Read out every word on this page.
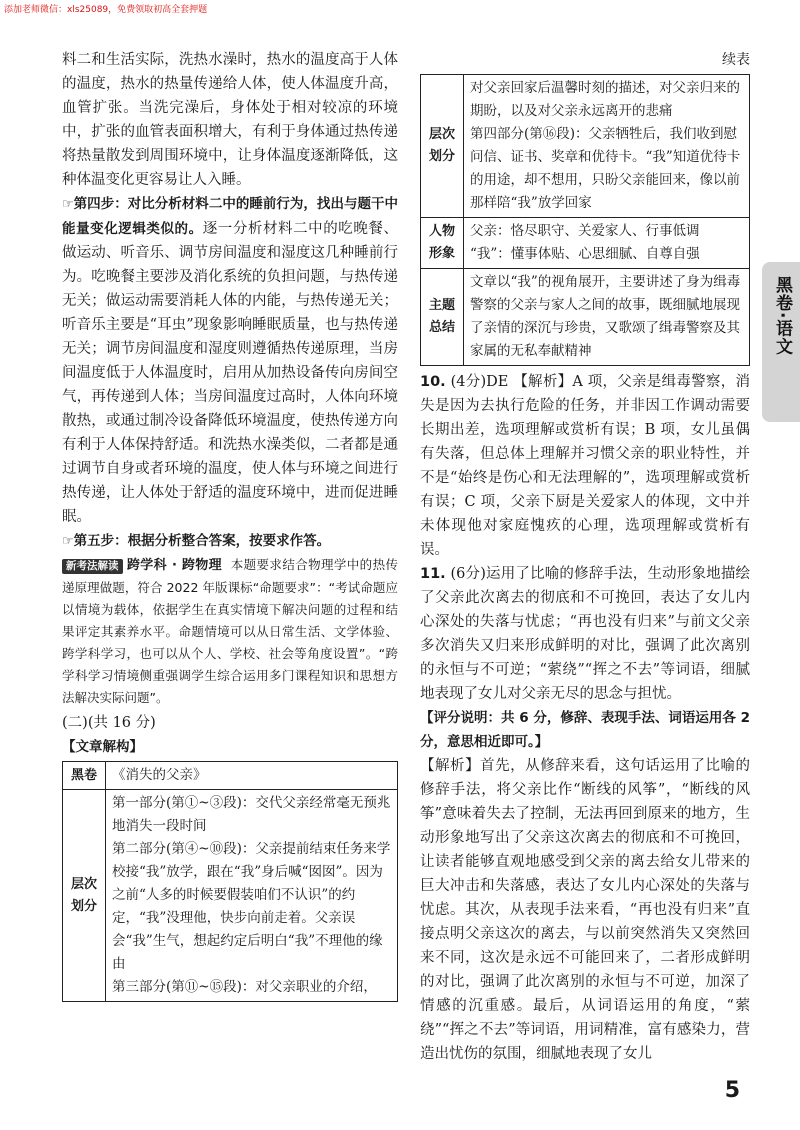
添加老师微信：xls25089，免费领取初高全套押题

料二和生活实际，洗热水澡时，热水的温度高于人体的温度，热水的热量传递给人体，使人体温度升高，血管扩张。当洗完澡后，身体处于相对较凉的环境中，扩张的血管表面积增大，有利于身体通过热传递将热量散发到周围环境中，让身体温度逐渐降低，这种体温变化更容易让人入睡。

☞第四步：对比分析材料二中的睡前行为，找出与题干中能量变化逻辑类似的。逐一分析材料二中的吃晚餐、做运动、听音乐、调节房间温度和湿度这几种睡前行为。吃晚餐主要涉及消化系统的负担问题，与热传递无关；做运动需要消耗人体的内能，与热传递无关；听音乐主要是“耳虫”现象影响睡眠质量，也与热传递无关；调节房间温度和湿度则遵循热传递原理，当房间温度低于人体温度时，启用从加热设备传向房间空气，再传递到人体；当房间温度过高时，人体向环境散热，或通过制冷设备降低环境温度，使热传递方向有利于人体保持舒适。和洗热水澡类似，二者都是通过调节自身或者环境的温度，使人体与环境之间进行热传递，让人体处于舒适的温度环境中，进而促进睡眠。

☞第五步：根据分析整合答案，按要求作答。

新考法解读 跨学科 · 跨物理 本题要求结合物理学中的热传递原理做题，符合 2022 年版课标“命题要求”：“考试命题应以情境为载体，依据学生在真实情境下解决问题的过程和结果评定其素养水平。命题情境可以从日常生活、文学体验、跨学科学习，也可以从个人、学校、社会等角度设置”。“跨学科学习情境侧重强调学生综合运用多门课程知识和思想方法解决实际问题”。

(二)(共 16 分)

【文章解构】

黑卷	《消失的父亲》
层次划分	第一部分(第①~③段)：交代父亲经常毫无预兆地消失一段时间
第二部分(第④~⑩段)：父亲提前结束任务来学校接“我”放学，跟在“我”身后喊“囡囡”。因为之前“人多的时候要假装咱们不认识”的约定，“我”没理他，快步向前走着。父亲误会“我”生气，想起约定后明白“我”不理他的缘由
第三部分(第⑪~⑮段)：对父亲职业的介绍，
续表
层次划分	对父亲回家后温馨时刻的描述，对父亲归来的期盼，以及对父亲永远离开的悲痛
第四部分(第⑯段)：父亲牺牲后，我们收到慰问信、证书、奖章和优待卡。“我”知道优待卡的用途，却不想用，只盼父亲能回来，像以前那样陪“我”放学回家

人物形象	父亲：恪尽职守、关爱家人、行事低调
“我”：懂事体贴、心思细腻、自尊自强

主题总结	文章以“我”的视角展开，主要讲述了身为缉毒警察的父亲与家人之间的故事，既细腻地展现了亲情的深沉与珍贵，又歌颂了缉毒警察及其家属的无私奉献精神

10. (4分)DE 【解析】A 项，父亲是缉毒警察，消失是因为去执行危险的任务，并非因工作调动需要长期出差，选项理解或赏析有误；B 项，女儿虽偶有失落，但总体上理解并习惯父亲的职业特性，并不是“始终是伤心和无法理解的”，选项理解或赏析有误；C 项，父亲下厨是关爱家人的体现，文中并未体现他对家庭愧疚的心理，选项理解或赏析有误。

11. (6分)运用了比喻的修辞手法，生动形象地描绘了父亲此次离去的彻底和不可挽回，表达了女儿内心深处的失落与忧虑；“再也没有归来”与前文父亲多次消失又归来形成鲜明的对比，强调了此次离别的永恒与不可逆；“萦绕”“挥之不去”等词语，细腻地表现了女儿对父亲无尽的思念与担忧。

【评分说明：共 6 分，修辞、表现手法、词语运用各 2 分，意思相近即可。】

【解析】首先，从修辞来看，这句话运用了比喻的修辞手法，将父亲比作“断线的风筝”，“断线的风筝”意味着失去了控制，无法再回到原来的地方，生动形象地写出了父亲这次离去的彻底和不可挽回，让读者能够直观地感受到父亲的离去给女儿带来的巨大冲击和失落感，表达了女儿内心深处的失落与忧虑。其次，从表现手法来看，“再也没有归来”直接点明父亲这次的离去，与以前突然消失又突然回来不同，这次是永远不可能回来了，二者形成鲜明的对比，强调了此次离别的永恒与不可逆，加深了情感的沉重感。最后，从词语运用的角度，“萦绕”“挥之不去”等词语，用词精准，富有感染力，营造出忧伤的氛围，细腻地表现了女儿

黑卷·语文
5
